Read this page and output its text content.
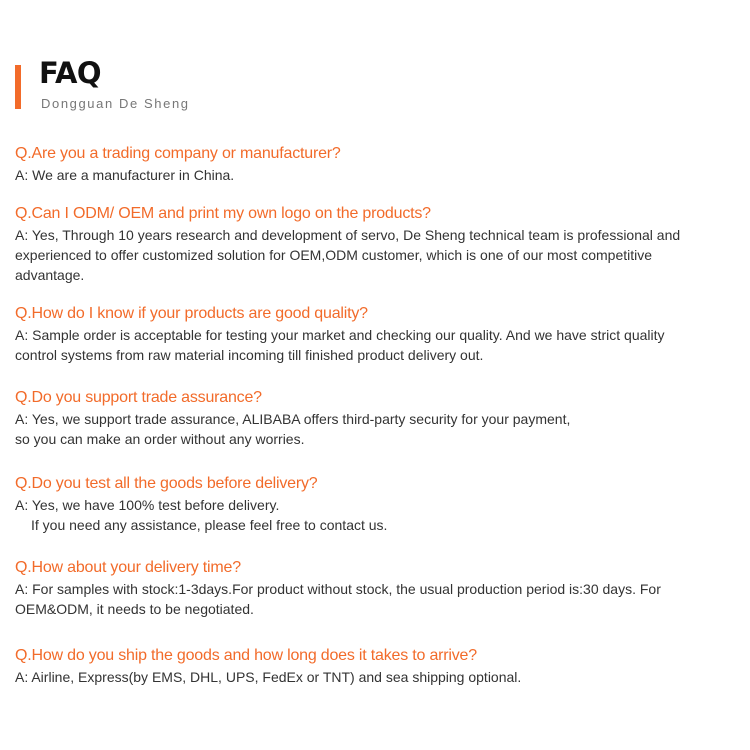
FAQ
Dongguan De Sheng
Q.Are you a trading company or manufacturer?
A: We are a manufacturer in China.
Q.Can I ODM/ OEM and print my own logo on the products?
A: Yes, Through 10 years research and development of servo, De Sheng technical team is professional and
experienced to offer customized solution for OEM,ODM customer, which is one of our most competitive
advantage.
Q.How do I know if your products are good quality?
A: Sample order is acceptable for testing your market and checking our quality. And we have strict quality
control systems from raw material incoming till finished product delivery out.
Q.Do you support trade assurance?
A: Yes, we support trade assurance, ALIBABA offers third-party security for your payment,
so you can make an order without any worries.
Q.Do you test all the goods before delivery?
A: Yes, we have 100% test before delivery.
If you need any assistance, please feel free to contact us.
Q.How about your delivery time?
A: For samples with stock:1-3days.For product without stock, the usual production period is:30 days. For
OEM&ODM, it needs to be negotiated.
Q.How do you ship the goods and how long does it takes to arrive?
A: Airline, Express(by EMS, DHL, UPS, FedEx or TNT) and sea shipping optional.
